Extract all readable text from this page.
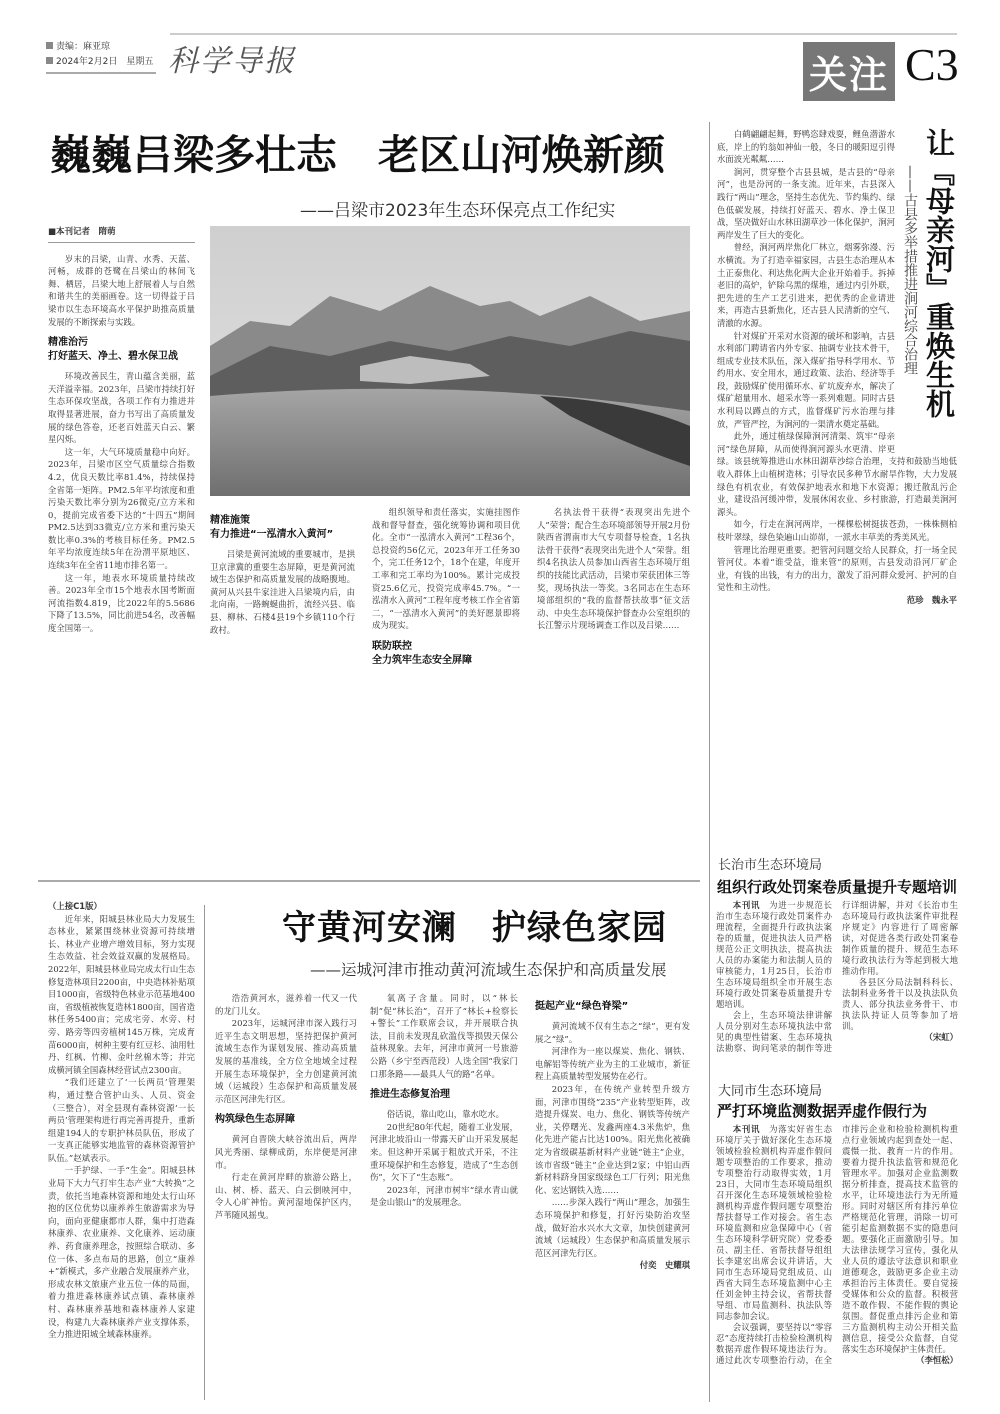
责编：麻亚琼
2024年2月2日　星期五 科学导报	关注 C3
巍巍吕梁多壮志　老区山河焕新颜
——吕梁市2023年生态环保亮点工作纪实
■本刊记者　隋萌

岁末的吕梁，山青、水秀、天蓝、河畅，成群的苍鹭在吕梁山的林间飞舞、栖居，吕梁大地上舒展着人与自然和谐共生的美丽画卷。这一切得益于吕梁市以生态环境高水平保护助推高质量发展的不断探索与实践。

精准治污
打好蓝天、净土、碧水保卫战

环境改善民生，青山蕴含美丽，蓝天洋溢幸福。2023年，吕梁市持续打好生态环保攻坚战，各项工作有力推进并取得显著进展，奋力书写出了高质量发展的绿色答卷，还老百姓蓝天白云、繁星闪烁。

这一年，大气环境质量稳中向好。2023年，吕梁市区空气质量综合指数4.2，优良天数比率81.4%，持续保持全省第一矩阵。PM2.5年平均浓度和重污染天数比率分别为26微克/立方米和0，提前完成省委下达的“十四五”期间PM2.5达到33微克/立方米和重污染天数比率0.3%的考核目标任务。PM2.5年平均浓度连续5年在汾渭平原地区、连续3年在全省11地市排名第一。

这一年，地表水环境质量持续改善。2023年全市15个地表水国考断面河流指数4.819，比2022年的5.5686下降了13.5%，同比前进54名，改善幅度全国第一。

精准施策
有力推进“一泓清水入黄河”

吕梁是黄河流域的重要城市，是拱卫京津冀的重要生态屏障，更是黄河流域生态保护和高质量发展的战略腹地。黄河从兴县牛家洼进入吕梁境内后，由北向南，一路蜿蜒曲折，流经兴县、临县、柳林、石楼4县19个乡镇110个行政村。

组织领导和责任落实，实施挂图作战和督导督查，强化统筹协调和项目优化。全市“一泓清水入黄河”工程36个，总投资约56亿元，2023年开工任务30个，完工任务12个，18个在建，年度开工率和完工率均为100%。累计完成投资25.6亿元，投资完成率45.7%。“一泓清水入黄河”工程年度考核工作全省第二，“一泓清水入黄河”的美好愿景即将成为现实。

联防联控
全力筑牢生态安全屏障

名执法骨干获得“表现突出先进个人”荣誉；配合生态环境部领导开展2月份陕西省渭南市大气专项督导检查，1名执法骨干获得“表现突出先进个人”荣誉。组织4名执法人员参加山西省生态环境厅组织的技能比武活动，吕梁市荣获团体三等奖，现场执法一等奖。3名同志在生态环境部组织的“我的监督帮扶故事”征文活动、中央生态环境保护督查办公室组织的长江警示片现场调查工作以及吕梁……

让『母亲河』重焕生机
——古县多举措推进涧河综合治理

白鹤翩翩起舞，野鸭恣肆戏耍，鲤鱼潜游水底，岸上的钓翁如神仙一般，冬日的暖阳逗引得水面波光粼粼……

涧河，贯穿整个古县县城，是古县的“母亲河”，也是汾河的一条支流。近年来，古县深入践行“两山”理念，坚持生态优先、节约集约、绿色低碳发展，持续打好蓝天、碧水、净土保卫战，坚决做好山水林田湖草沙一体化保护，涧河两岸发生了巨大的变化。

曾经，涧河两岸焦化厂林立，烟雾弥漫、污水横流。为了打造幸福家园，古县生态治理从本土正泰焦化、利达焦化两大企业开始着手。拆掉老旧的高炉，铲除乌黑的煤堆，通过内引外联，把先进的生产工艺引进来，把优秀的企业请进来，再造古县新焦化，还古县人民清新的空气、清澈的水源。

针对煤矿开采对水资源的破坏和影响，古县水利部门聘请省内外专家、抽调专业技术骨干，组成专业技术队伍，深入煤矿指导科学用水、节约用水、安全用水，通过政策、法治、经济等手段，鼓励煤矿使用循环水、矿坑废弃水，解决了煤矿超量用水、超采水等一系列难题。同时古县水利局以蹲点的方式，监督煤矿污水治理与排放，严管严控，为涧河的一渠清水奠定基础。

此外，通过植绿保障涧河清渠、筑牢“母亲河”绿色屏障，从而使得涧河源头水更清、岸更绿。该县统筹推进山水林田湖草沙综合治理，支持和鼓励当地低收入群体上山植树造林；引导农民多种节水耐旱作物，大力发展绿色有机农业，有效保护地表水和地下水资源；搬迁散乱污企业，建设沿河缓冲带，发展休闲农业、乡村旅游，打造最美涧河源头。

如今，行走在涧河两岸，一棵棵松树挺拔苍劲，一株株侧柏枝叶翠绿，绿色染遍山山峁峁，一派水丰草美的秀美风光。

管理比治理更重要。把管河问题交给人民群众，打一场全民管河仗。本着“谁受益，谁来管”的原则，古县发动沿河厂矿企业，有钱的出钱，有力的出力，激发了沿河群众爱河、护河的自觉性和主动性。

范珍　魏永平
（上接C1版）

近年来，阳城县林业局大力发展生态林业，紧紧围绕林业资源可持续增长、林业产业增产增效目标，努力实现生态效益、社会效益双赢的发展格局。2022年，阳城县林业局完成太行山生态修复造林项目2200亩，中央造林补贴项目1000亩，省级特色林业示范基地400亩，省级植被恢复造林1800亩，国省造林任务5400亩；完成宅旁、水旁、村旁、路旁等四旁植树145万株，完成育苗6000亩，树种主要有红豆杉、油用牡丹、红枫、竹柳、金叶丝棉木等；并完成横河镇全国森林经营试点2300亩。

“我们还建立了‘一长两员’管理架构，通过整合管护山头、人员、资金（三整合），对全县现有森林资源‘一长两员’管理架构进行再完善再提升，重新组建194人的专职护林员队伍，形成了一支真正能够实地监管的森林资源管护队伍。”赵斌表示。

一手护绿、一手“生金”。阳城县林业局下大力气打牢生态产业“大转换”之责，依托当地森林资源和地处太行山环抱的区位优势以康养养生旅游需求为导向，面向亚健康都市人群，集中打造森林康养、农业康养、文化康养、运动康养、药食康养理念，按照综合联动、多位一体、多点布局的思路，创立“康养+”新模式，多产业融合发展康养产业，形成农林文旅康产业五位一体的局面，着力推进森林康养试点镇、森林康养村、森林康养基地和森林康养人家建设，构建九大森林康养产业支撑体系，全力推进阳城全域森林康养。

守黄河安澜　护绿色家园
——运城河津市推动黄河流域生态保护和高质量发展

浩浩黄河水，滋养着一代又一代的龙门儿女。

2023年，运城河津市深入践行习近平生态文明思想，坚持把保护黄河流域生态作为谋划发展、推动高质量发展的基准线，全方位全地域全过程开展生态环境保护，全力创建黄河流域（运城段）生态保护和高质量发展示范区河津先行区。

构筑绿色生态屏障

黄河自晋陕大峡谷流出后，两岸风光秀丽、绿柳成荫，东岸便是河津市。

行走在黄河岸畔的旅游公路上，山、树、桥、蓝天、白云倒映河中，令人心旷神怡。黄河湿地保护区内，芦苇随风摇曳。

氧离子含量。同时，以“林长制”促“林长治”，召开了“林长+检察长+警长”工作联席会议，并开展联合执法，目前未发现乱砍滥伐等损毁天保公益林现象。去年，河津市黄河一号旅游公路（乡宁至西范段）人选全国“我家门口那条路——最具人气的路”名单。

推进生态修复治理

俗话说，靠山吃山，靠水吃水。

20世纪80年代起，随着工业发展，河津北坡沿山一带露天矿山开采发展起来。但这种开采属于粗放式开采，不注重环境保护和生态修复，造成了“生态创伤”，欠下了“生态账”。

2023年，河津市树牢“绿水青山就是金山银山”的发展理念。

挺起产业“绿色脊梁”

黄河流域不仅有生态之“绿”，更有发展之“绿”。

河津作为一座以煤炭、焦化、钢铁、电解铝等传统产业为主的工业城市，新征程上高质量转型发展势在必行。

2023年，在传统产业转型升级方面，河津市围绕“235”产业转型矩阵，改造提升煤炭、电力、焦化、钢铁等传统产业，关停曙光、发鑫两座4.3米焦炉，焦化先进产能占比达100%。阳光焦化被确定为省级碳基新材料产业链“链主”企业，该市省级“链主”企业达到2家；中铝山西新材料跻身国家级绿色工厂行列；阳光焦化、宏达钢铁入选……

……步深入践行“两山”理念，加强生态环境保护和修复，打好污染防治攻坚战，做好治水兴水大文章，加快创建黄河流域（运城段）生态保护和高质量发展示范区河津先行区。

付奕　史耀琪
长治市生态环境局
组织行政处罚案卷质量提升专题培训

本刊讯　 为进一步规范长治市生态环境行政处罚案件办理流程，全面提升行政执法案卷的质量，促进执法人员严格规范公正文明执法，提高执法人员的办案能力和法制人员的审核能力，1月25日，长治市生态环境局组织全市开展生态环境行政处罚案卷质量提升专题培训。

会上，生态环境法律讲解人员分别对生态环境执法中常见的典型性错案、生态环境执法勘察、询问笔录的制作等进行详细讲解，并对《长治市生态环境局行政执法案件审批程序规定》内容进行了周密解读，对促进各类行政处罚案卷制作质量的提升、规范生态环境行政执法行为等起到极大地推动作用。

各县区分局法制科科长、法制科业务骨干以及执法队负责人、部分执法业务骨干、市执法队持证人员等参加了培训。

（宋虹）
大同市生态环境局
严打环境监测数据弄虚作假行为

本刊讯　 为落实好省生态环境厅关于做好深化生态环境领域检验检测机构弄虚作假问题专项整治的工作要求，推动专项整治行动取得实效，1月23日，大同市生态环境局组织召开深化生态环境领域检验检测机构弄虚作假问题专项整治帮扶督导工作对接会。省生态环境监测和应急保障中心（省生态环境科学研究院）党委委员、副主任、省帮扶督导组组长李建宏出席会议并讲话，大同市生态环境局党组成员、山西省大同生态环境监测中心主任刘金钟主持会议，省帮扶督导组、市局监测科、执法队等同志参加会议。

会议强调，要坚持以“零容忍”态度持续打击检验检测机构数据弄虚作假环境违法行为。通过此次专项整治行动，在全市排污企业和检验检测机构重点行业领域内起到查处一起、震慑一批、教育一片的作用。要着力提升执法监管和规范化管理水平。加强对企业监测数据分析排查，提高技术监管的水平，让环境违法行为无所遁形。同时对辖区所有排污单位严格规范化管理，消除一切可能引起监测数据不实的隐患问题。要强化正面激励引导。加大法律法规学习宣传，强化从业人员的遵法守法意识和职业道德观念，鼓励更多企业主动承担治污主体责任。要自觉接受媒体和公众的监督。积极营造不敢作假、不能作假的舆论氛围。督促重点排污企业和第三方监测机构主动公开相关监测信息，接受公众监督，自觉落实生态环境保护主体责任。

（李恒松）
